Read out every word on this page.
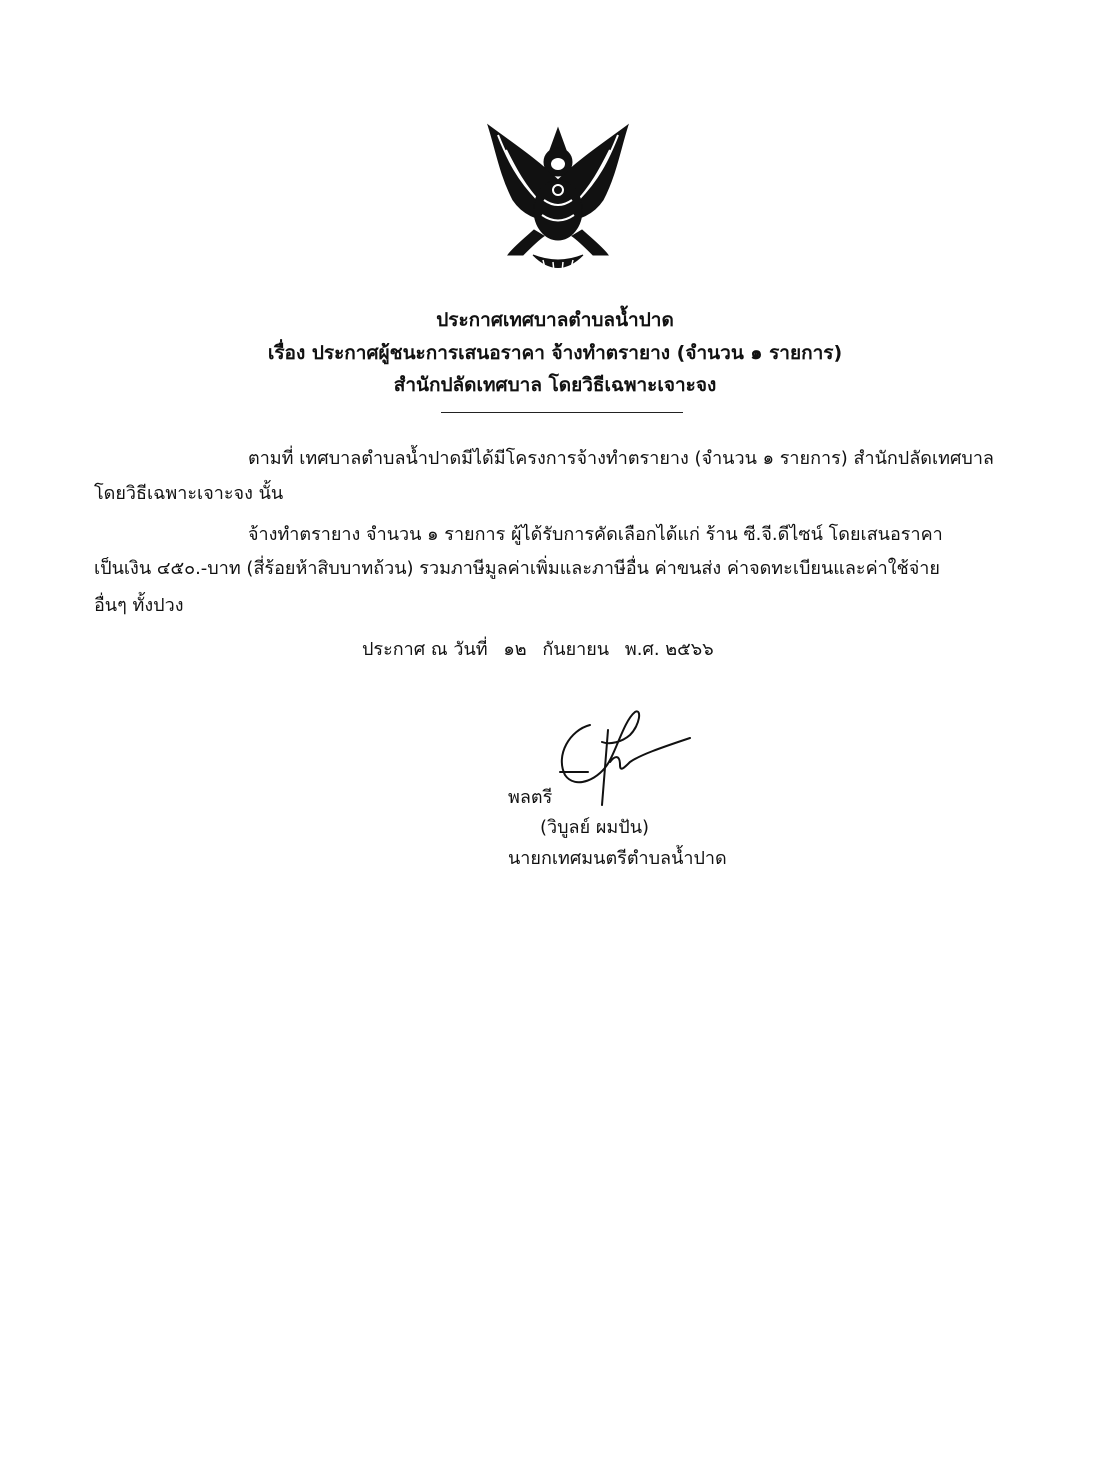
ประกาศเทศบาลตำบลน้ำปาด
เรื่อง ประกาศผู้ชนะการเสนอราคา จ้างทำตรายาง (จำนวน ๑ รายการ)
สำนักปลัดเทศบาล โดยวิธีเฉพาะเจาะจง
ตามที่ เทศบาลตำบลน้ำปาดมีได้มีโครงการจ้างทำตรายาง (จำนวน ๑ รายการ) สำนักปลัดเทศบาล
โดยวิธีเฉพาะเจาะจง นั้น
จ้างทำตรายาง จำนวน ๑ รายการ ผู้ได้รับการคัดเลือกได้แก่ ร้าน ซี.จี.ดีไซน์ โดยเสนอราคา
เป็นเงิน ๔๕๐.-บาท (สี่ร้อยห้าสิบบาทถ้วน) รวมภาษีมูลค่าเพิ่มและภาษีอื่น ค่าขนส่ง ค่าจดทะเบียนและค่าใช้จ่าย
อื่นๆ ทั้งปวง
ประกาศ ณ วันที่ ๑๒ กันยายน พ.ศ. ๒๕๖๖
พลตรี
(วิบูลย์ ผมปัน)
นายกเทศมนตรีตำบลน้ำปาด
